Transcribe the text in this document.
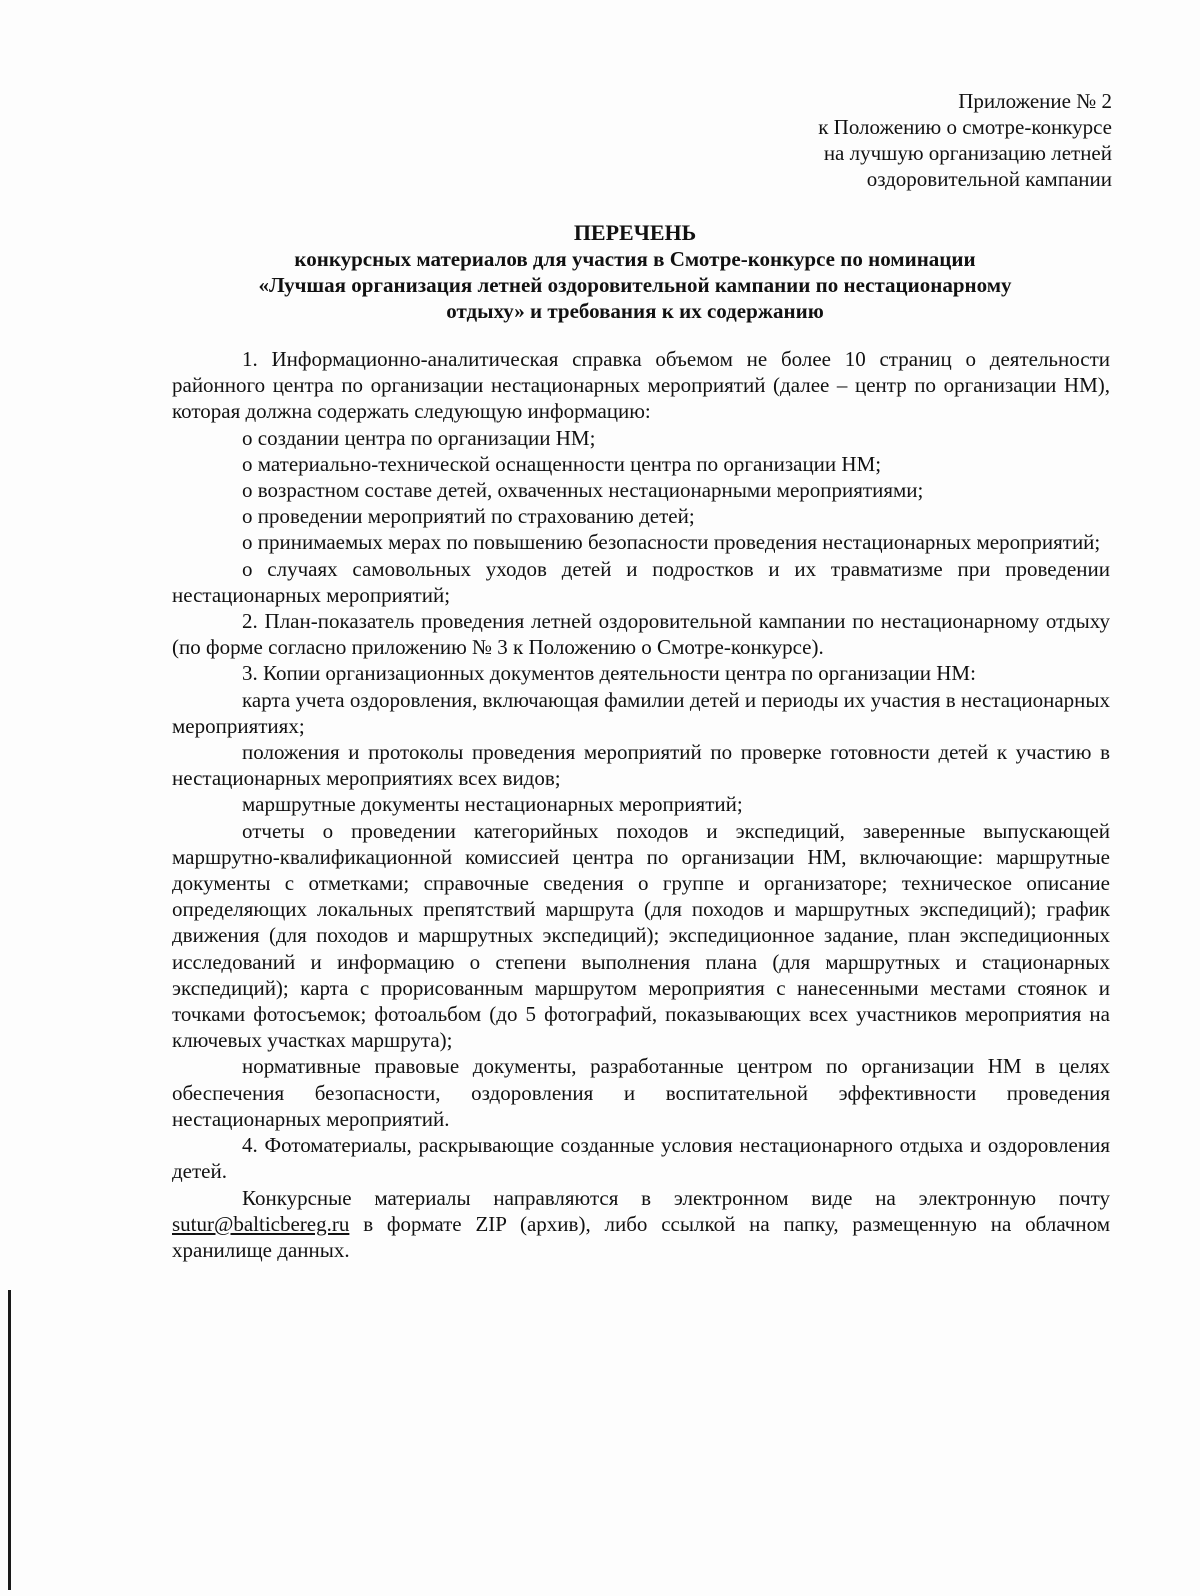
Приложение № 2
к Положению о смотре-конкурсе
на лучшую организацию летней
оздоровительной кампании
ПЕРЕЧЕНЬ
конкурсных материалов для участия в Смотре-конкурсе по номинации
«Лучшая организация летней оздоровительной кампании по нестационарному
отдыху» и требования к их содержанию

1. Информационно-аналитическая справка объемом не более 10 страниц о деятельности районного центра по организации нестационарных мероприятий (далее – центр по организации НМ), которая должна содержать следующую информацию:

о создании центра по организации НМ;

о материально-технической оснащенности центра по организации НМ;

о возрастном составе детей, охваченных нестационарными мероприятиями;

о проведении мероприятий по страхованию детей;

о принимаемых мерах по повышению безопасности проведения нестационарных мероприятий;

о случаях самовольных уходов детей и подростков и их травматизме при проведении нестационарных мероприятий;

2. План-показатель проведения летней оздоровительной кампании по нестационарному отдыху (по форме согласно приложению № 3 к Положению о Смотре-конкурсе).

3. Копии организационных документов деятельности центра по организации НМ:

карта учета оздоровления, включающая фамилии детей и периоды их участия в нестационарных мероприятиях;

положения и протоколы проведения мероприятий по проверке готовности детей к участию в нестационарных мероприятиях всех видов;

маршрутные документы нестационарных мероприятий;

отчеты о проведении категорийных походов и экспедиций, заверенные выпускающей маршрутно-квалификационной комиссией центра по организации НМ, включающие: маршрутные документы с отметками; справочные сведения о группе и организаторе; техническое описание определяющих локальных препятствий маршрута (для походов и маршрутных экспедиций); график движения (для походов и маршрутных экспедиций); экспедиционное задание, план экспедиционных исследований и информацию о степени выполнения плана (для маршрутных и стационарных экспедиций); карта с прорисованным маршрутом мероприятия с нанесенными местами стоянок и точками фотосъемок; фотоальбом (до 5 фотографий, показывающих всех участников мероприятия на ключевых участках маршрута);

нормативные правовые документы, разработанные центром по организации НМ в целях обеспечения безопасности, оздоровления и воспитательной эффективности проведения нестационарных мероприятий.

4. Фотоматериалы, раскрывающие созданные условия нестационарного отдыха и оздоровления детей.

Конкурсные материалы направляются в электронном виде на электронную почту sutur@balticbereg.ru в формате ZIP (архив), либо ссылкой на папку, размещенную на облачном хранилище данных.
